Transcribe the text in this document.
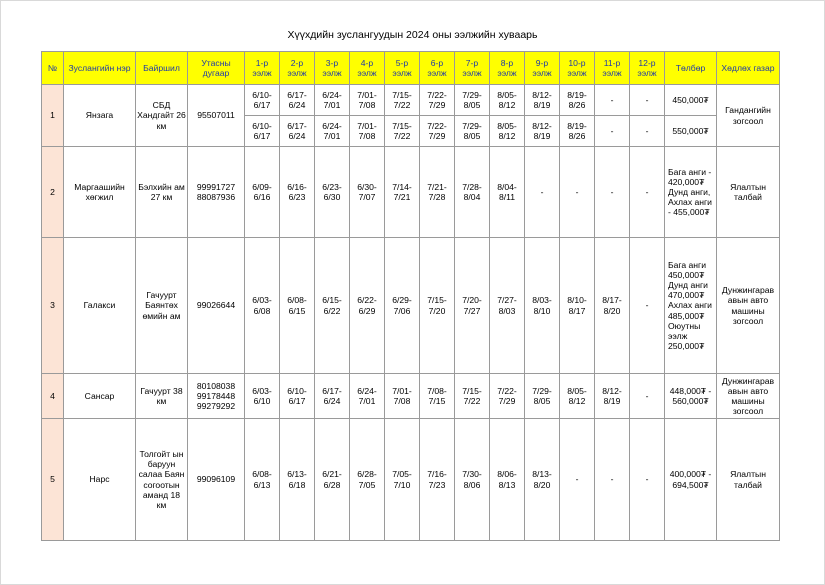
Хүүхдийн зуслангуудын 2024 оны ээлжийн хуваарь
№	Зуслангийн нэр	Байршил	Утасны дугаар	1-р ээлж	2-р ээлж	3-р ээлж	4-р ээлж	5-р ээлж	6-р ээлж	7-р ээлж	8-р ээлж	9-р ээлж	10-р ээлж	11-р ээлж	12-р ээлж	Төлбөр	Хөдлөх газар
1	Янзага	СБД Хандгайт 26 км	95507011	6/10-6/17	6/17-6/24	6/24-7/01	7/01-7/08	7/15-7/22	7/22-7/29	7/29-8/05	8/05-8/12	8/12-8/19	8/19-8/26	-	-	450,000₮	Гандангийн зогсоол
				6/10-6/17	6/17-6/24	6/24-7/01	7/01-7/08	7/15-7/22	7/22-7/29	7/29-8/05	8/05-8/12	8/12-8/19	8/19-8/26	-	-	550,000₮	
2	Маргаашийн хөгжил	Бэлхийн ам 27 км	99991727 88087936	6/09-6/16	6/16-6/23	6/23-6/30	6/30-7/07	7/14-7/21	7/21-7/28	7/28-8/04	8/04-8/11	-	-	-	-	Бага анги - 420,000₮ Дунд анги, Ахлах анги - 455,000₮	Ялалтын талбай
3	Галакси	Гачуурт Баянтөх өмийн ам	99026644	6/03-6/08	6/08-6/15	6/15-6/22	6/22-6/29	6/29-7/06	7/15-7/20	7/20-7/27	7/27-8/03	8/03-8/10	8/10-8/17	8/17-8/20	-	Бага анги 450,000₮ Дунд анги 470,000₮ Ахлах анги 485,000₮ Оюутны ээлж 250,000₮	Дунжингарав авын авто машины зогсоол
4	Сансар	Гачуурт 38 км	80108038 99178448 99279292	6/03-6/10	6/10-6/17	6/17-6/24	6/24-7/01	7/01-7/08	7/08-7/15	7/15-7/22	7/22-7/29	7/29-8/05	8/05-8/12	8/12-8/19	-	448,000₮ - 560,000₮	Дунжингарав авын авто машины зогсоол
5	Нарс	Толгойт ын баруун салаа Баян согоотын аманд 18 км	99096109	6/08-6/13	6/13-6/18	6/21-6/28	6/28-7/05	7/05-7/10	7/16-7/23	7/30-8/06	8/06-8/13	8/13-8/20	-	-	-	400,000₮ - 694,500₮	Ялалтын талбай
